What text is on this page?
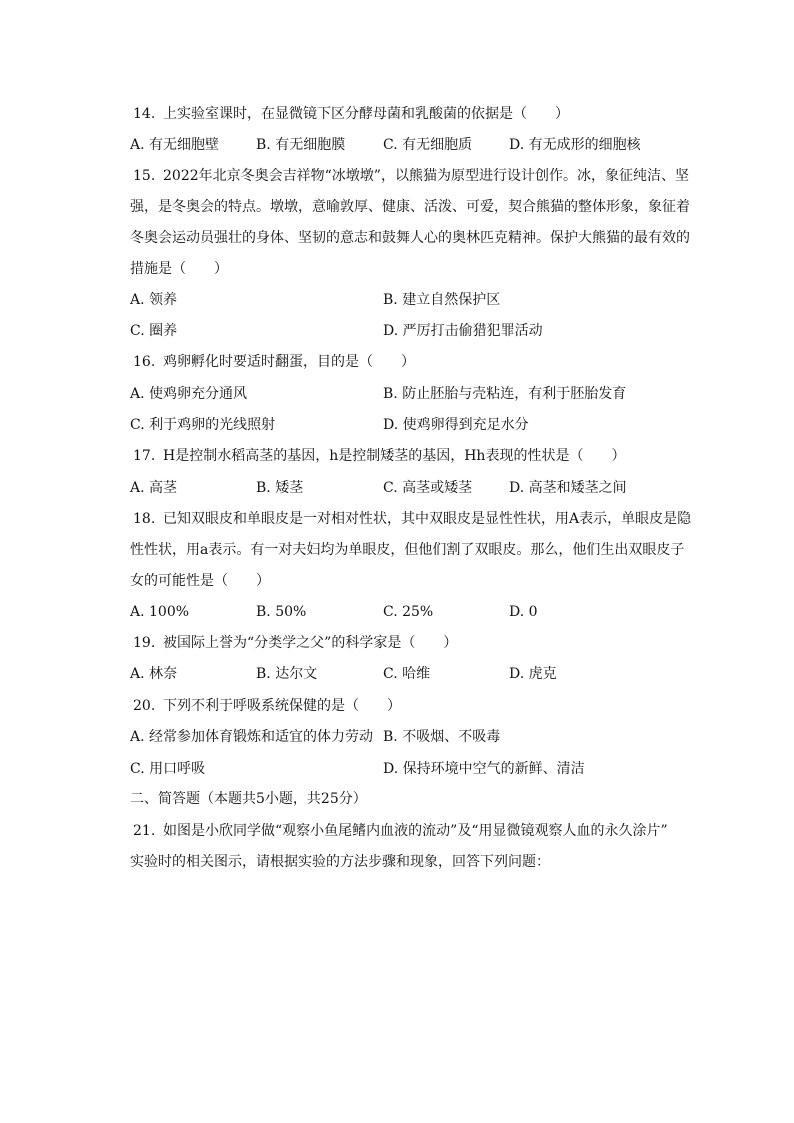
14. 上实验室课时，在显微镜下区分酵母菌和乳酸菌的依据是（　　）
A. 有无细胞壁	B. 有无细胞膜	C. 有无细胞质	D. 有无成形的细胞核
15. 2022年北京冬奥会吉祥物“冰墩墩”，以熊猫为原型进行设计创作。冰，象征纯洁、坚
强，是冬奥会的特点。墩墩，意喻敦厚、健康、活泼、可爱，契合熊猫的整体形象，象征着
冬奥会运动员强壮的身体、坚韧的意志和鼓舞人心的奥林匹克精神。保护大熊猫的最有效的
措施是（　　）
A. 领养	B. 建立自然保护区
C. 圈养	D. 严厉打击偷猎犯罪活动
16. 鸡卵孵化时要适时翻蛋，目的是（　　）
A. 使鸡卵充分通风	B. 防止胚胎与壳粘连，有利于胚胎发育
C. 利于鸡卵的光线照射	D. 使鸡卵得到充足水分
17. H是控制水稻高茎的基因，h是控制矮茎的基因，Hh表现的性状是（　　）
A. 高茎	B. 矮茎	C. 高茎或矮茎	D. 高茎和矮茎之间
18. 已知双眼皮和单眼皮是一对相对性状，其中双眼皮是显性性状，用A表示，单眼皮是隐
性性状，用a表示。有一对夫妇均为单眼皮，但他们割了双眼皮。那么，他们生出双眼皮子
女的可能性是（　　）
A. 100%	B. 50%	C. 25%	D. 0
19. 被国际上誉为“分类学之父”的科学家是（　　）
A. 林奈	B. 达尔文	C. 哈维	D. 虎克
20. 下列不利于呼吸系统保健的是（　　）
A. 经常参加体育锻炼和适宜的体力劳动 B. 不吸烟、不吸毒
C. 用口呼吸	D. 保持环境中空气的新鲜、清洁
二、简答题（本题共5小题，共25分）
21. 如图是小欣同学做“观察小鱼尾鳍内血液的流动”及“用显微镜观察人血的永久涂片”
实验时的相关图示，请根据实验的方法步骤和现象，回答下列问题：
